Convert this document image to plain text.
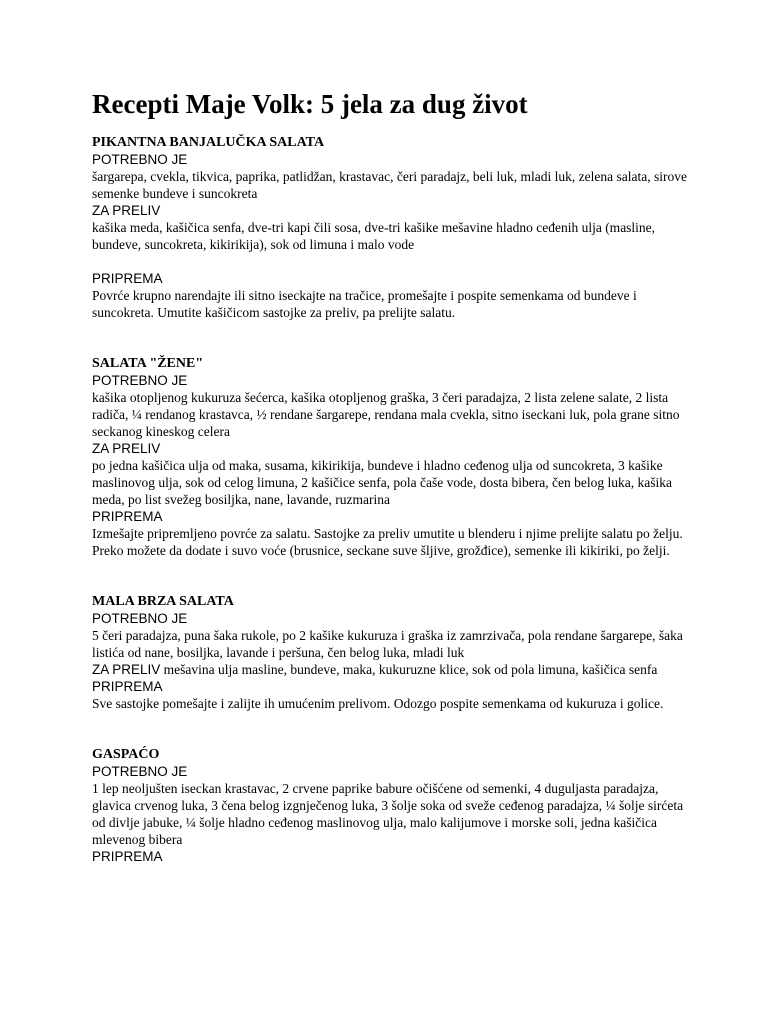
Recepti Maje Volk: 5 jela za dug život
PIKANTNA BANJALUČKA SALATA

POTREBNO JE

šargarepa, cvekla, tikvica, paprika, patlidžan, krastavac, čeri paradajz, beli luk, mladi luk, zelena salata, sirove semenke bundeve i suncokreta

ZA PRELIV

kašika meda, kašičica senfa, dve-tri kapi čili sosa, dve-tri kašike mešavine hladno ceđenih ulja (masline, bundeve, suncokreta, kikirikija), sok od limuna i malo vode

PRIPREMA

Povrće krupno narendajte ili sitno iseckajte na tračice, promešajte i pospite semenkama od bundeve i suncokreta. Umutite kašičicom sastojke za preliv, pa prelijte salatu.

SALATA "ŽENE"

POTREBNO JE

kašika otopljenog kukuruza šećerca, kašika otopljenog graška, 3 čeri paradajza, 2 lista zelene salate, 2 lista radiča, ¼ rendanog krastavca, ½ rendane šargarepe, rendana mala cvekla, sitno iseckani luk, pola grane sitno seckanog kineskog celera

ZA PRELIV

po jedna kašičica ulja od maka, susama, kikirikija, bundeve i hladno ceđenog ulja od suncokreta, 3 kašike maslinovog ulja, sok od celog limuna, 2 kašičice senfa, pola čaše vode, dosta bibera, čen belog luka, kašika meda, po list svežeg bosiljka, nane, lavande, ruzmarina

PRIPREMA

Izmešajte pripremljeno povrće za salatu. Sastojke za preliv umutite u blenderu i njime prelijte salatu po želju. Preko možete da dodate i suvo voće (brusnice, seckane suve šljive, grožđice), semenke ili kikiriki, po želji.

MALA BRZA SALATA

POTREBNO JE

5 čeri paradajza, puna šaka rukole, po 2 kašike kukuruza i graška iz zamrzivača, pola rendane šargarepe, šaka listića od nane, bosiljka, lavande i peršuna, čen belog luka, mladi luk

ZA PRELIV mešavina ulja masline, bundeve, maka, kukuruzne klice, sok od pola limuna, kašičica senfa

PRIPREMA

Sve sastojke pomešajte i zalijte ih umućenim prelivom. Odozgo pospite semenkama od kukuruza i golice.

GASPAĆO

POTREBNO JE

1 lep neoljušten iseckan krastavac, 2 crvene paprike babure očišćene od semenki, 4 duguljasta paradajza, glavica crvenog luka, 3 čena belog izgnječenog luka, 3 šolje soka od sveže ceđenog paradajza, ¼ šolje sirćeta od divlje jabuke, ¼ šolje hladno ceđenog maslinovog ulja, malo kalijumove i morske soli, jedna kašičica mlevenog bibera

PRIPREMA
